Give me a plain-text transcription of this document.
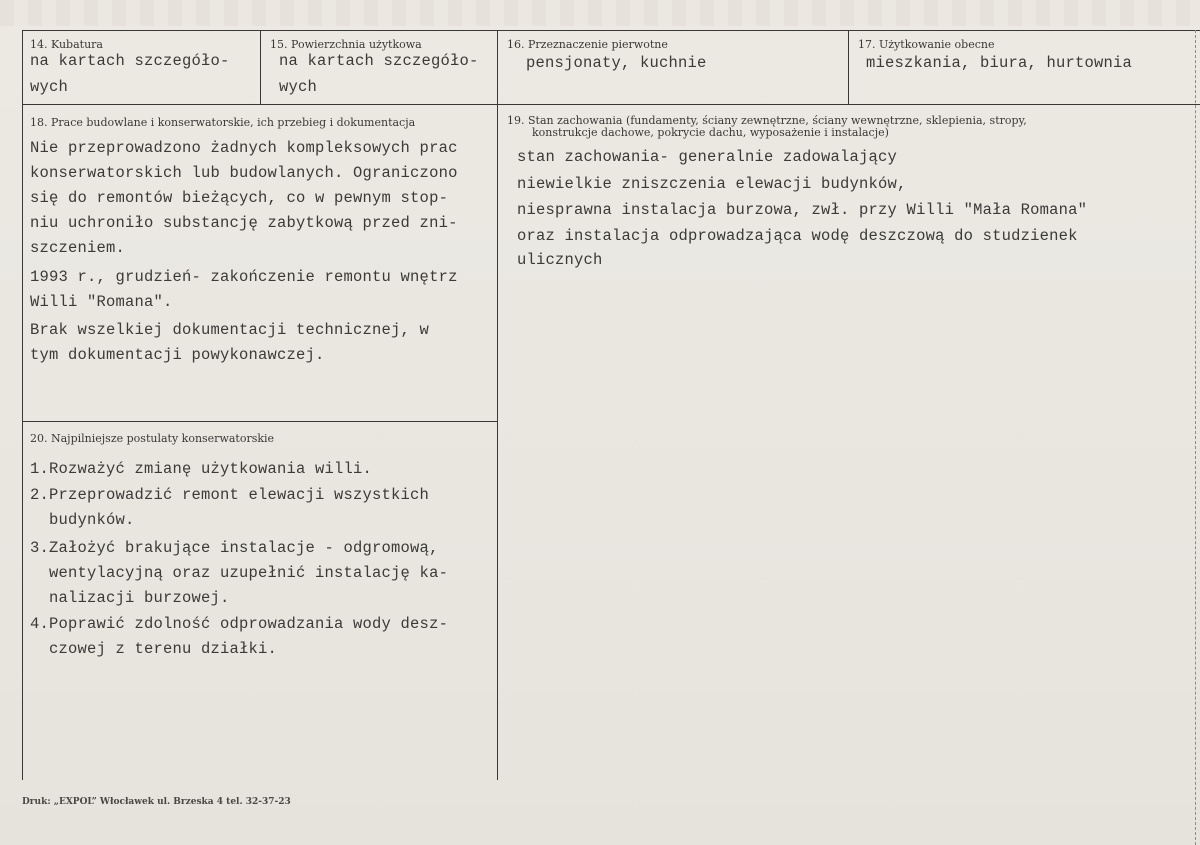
14. Kubatura
na kartach szczegóło-
wych
15. Powierzchnia użytkowa
na kartach szczegóło-
wych
16. Przeznaczenie pierwotne
pensjonaty, kuchnie
17. Użytkowanie obecne
mieszkania, biura, hurtownia
18. Prace budowlane i konserwatorskie, ich przebieg i dokumentacja
Nie przeprowadzono żadnych kompleksowych prac
konserwatorskich lub budowlanych. Ograniczono
się do remontów bieżących, co w pewnym stop-
niu uchroniło substancję zabytkową przed zni-
szczeniem.
1993 r., grudzień- zakończenie remontu wnętrz
Willi "Romana".
Brak wszelkiej dokumentacji technicznej, w
tym dokumentacji powykonawczej.
19. Stan zachowania (fundamenty, ściany zewnętrzne, ściany wewnętrzne, sklepienia, stropy,
konstrukcje dachowe, pokrycie dachu, wyposażenie i instalacje)
stan zachowania- generalnie zadowalający
niewielkie zniszczenia elewacji budynków,
niesprawna instalacja burzowa, zwł. przy Willi "Mała Romana"
oraz instalacja odprowadzająca wodę deszczową do studzienek
ulicznych
20. Najpilniejsze postulaty konserwatorskie
1.Rozważyć zmianę użytkowania willi.
2.Przeprowadzić remont elewacji wszystkich
budynków.
3.Założyć brakujące instalacje - odgromową,
wentylacyjną oraz uzupełnić instalację ka-
nalizacji burzowej.
4.Poprawić zdolność odprowadzania wody desz-
czowej z terenu działki.
Druk: „EXPOL” Włocławek ul. Brzeska 4 tel. 32-37-23
